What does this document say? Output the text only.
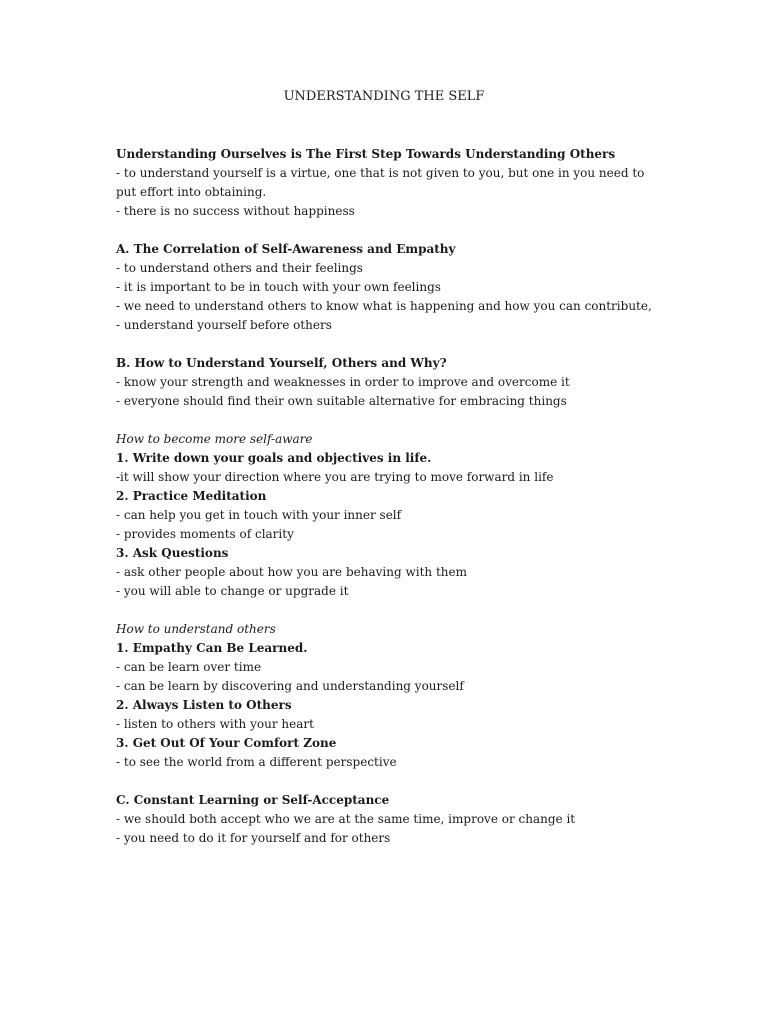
UNDERSTANDING THE SELF
Understanding Ourselves is The First Step Towards Understanding Others
- to understand yourself is a virtue, one that is not given to you, but one in you need to put effort into obtaining.
- there is no success without happiness
A. The Correlation of Self-Awareness and Empathy
- to understand others and their feelings
- it is important to be in touch with your own feelings
- we need to understand others to know what is happening and how you can contribute,
- understand yourself before others
B. How to Understand Yourself, Others and Why?
- know your strength and weaknesses in order to improve and overcome it
- everyone should find their own suitable alternative for embracing things
How to become more self-aware
1. Write down your goals and objectives in life.
-it will show your direction where you are trying to move forward in life
2. Practice Meditation
- can help you get in touch with your inner self
- provides moments of clarity
3. Ask Questions
- ask other people about how you are behaving with them
- you will able to change or upgrade it
How to understand others
1. Empathy Can Be Learned.
- can be learn over time
- can be learn by discovering and understanding yourself
2. Always Listen to Others
- listen to others with your heart
3. Get Out Of Your Comfort Zone
- to see the world from a different perspective
C. Constant Learning or Self-Acceptance
- we should both accept who we are at the same time, improve or change it
- you need to do it for yourself and for others
